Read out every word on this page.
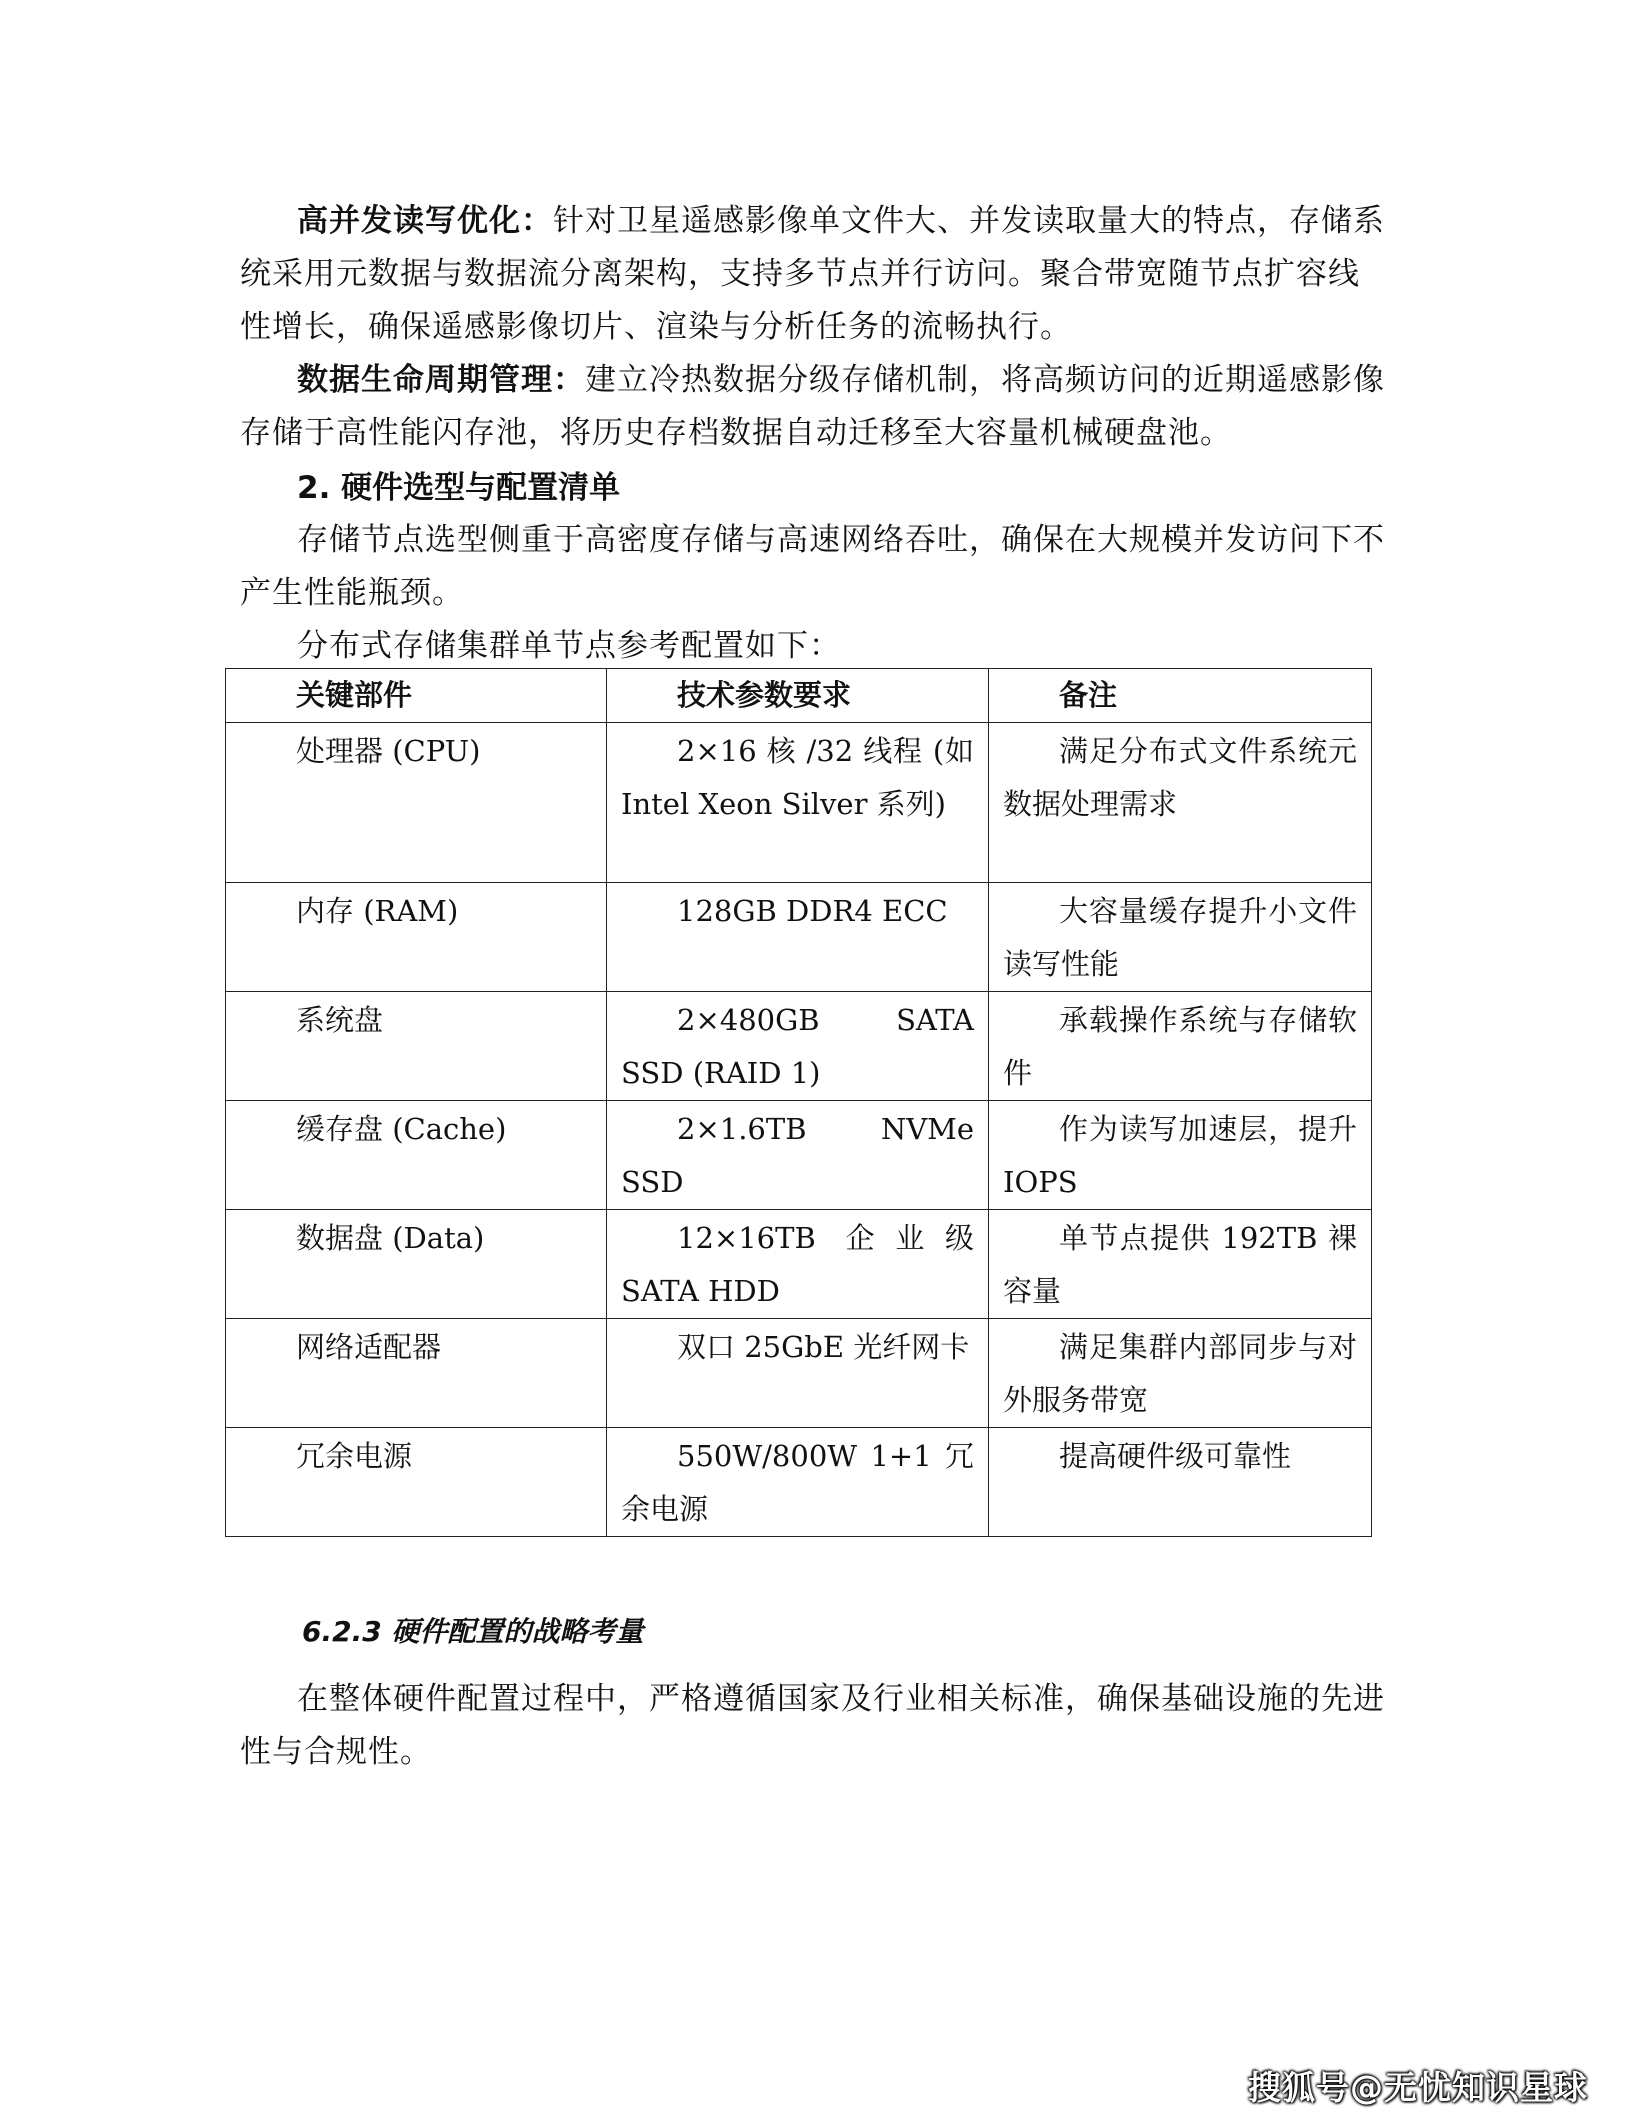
高并发读写优化：针对卫星遥感影像单文件大、并发读取量大的特点，存储系统采用元数据与数据流分离架构，支持多节点并行访问。聚合带宽随节点扩容线性增长，确保遥感影像切片、渲染与分析任务的流畅执行。

数据生命周期管理：建立冷热数据分级存储机制，将高频访问的近期遥感影像存储于高性能闪存池，将历史存档数据自动迁移至大容量机械硬盘池。

2. 硬件选型与配置清单

存储节点选型侧重于高密度存储与高速网络吞吐，确保在大规模并发访问下不产生性能瓶颈。

分布式存储集群单节点参考配置如下：

关键部件	技术参数要求	备注

处理器 (CPU)	2×16 核 /32 线程 (如 Intel Xeon Silver 系列)	满足分布式文件系统元数据处理需求

内存 (RAM)	128GB DDR4 ECC	大容量缓存提升小文件读写性能

系统盘	2×480GB SATA SSD (RAID 1)	承载操作系统与存储软件

缓存盘 (Cache)	2×1.6TB NVMe SSD	作为读写加速层，提升 IOPS

数据盘 (Data)	12×16TB 企业级 SATA HDD	单节点提供 192TB 裸容量

网络适配器	双口 25GbE 光纤网卡	满足集群内部同步与对外服务带宽

冗余电源	550W/800W 1+1 冗余电源	提高硬件级可靠性

6.2.3 硬件配置的战略考量

在整体硬件配置过程中，严格遵循国家及行业相关标准，确保基础设施的先进性与合规性。

搜狐号@无忧知识星球
